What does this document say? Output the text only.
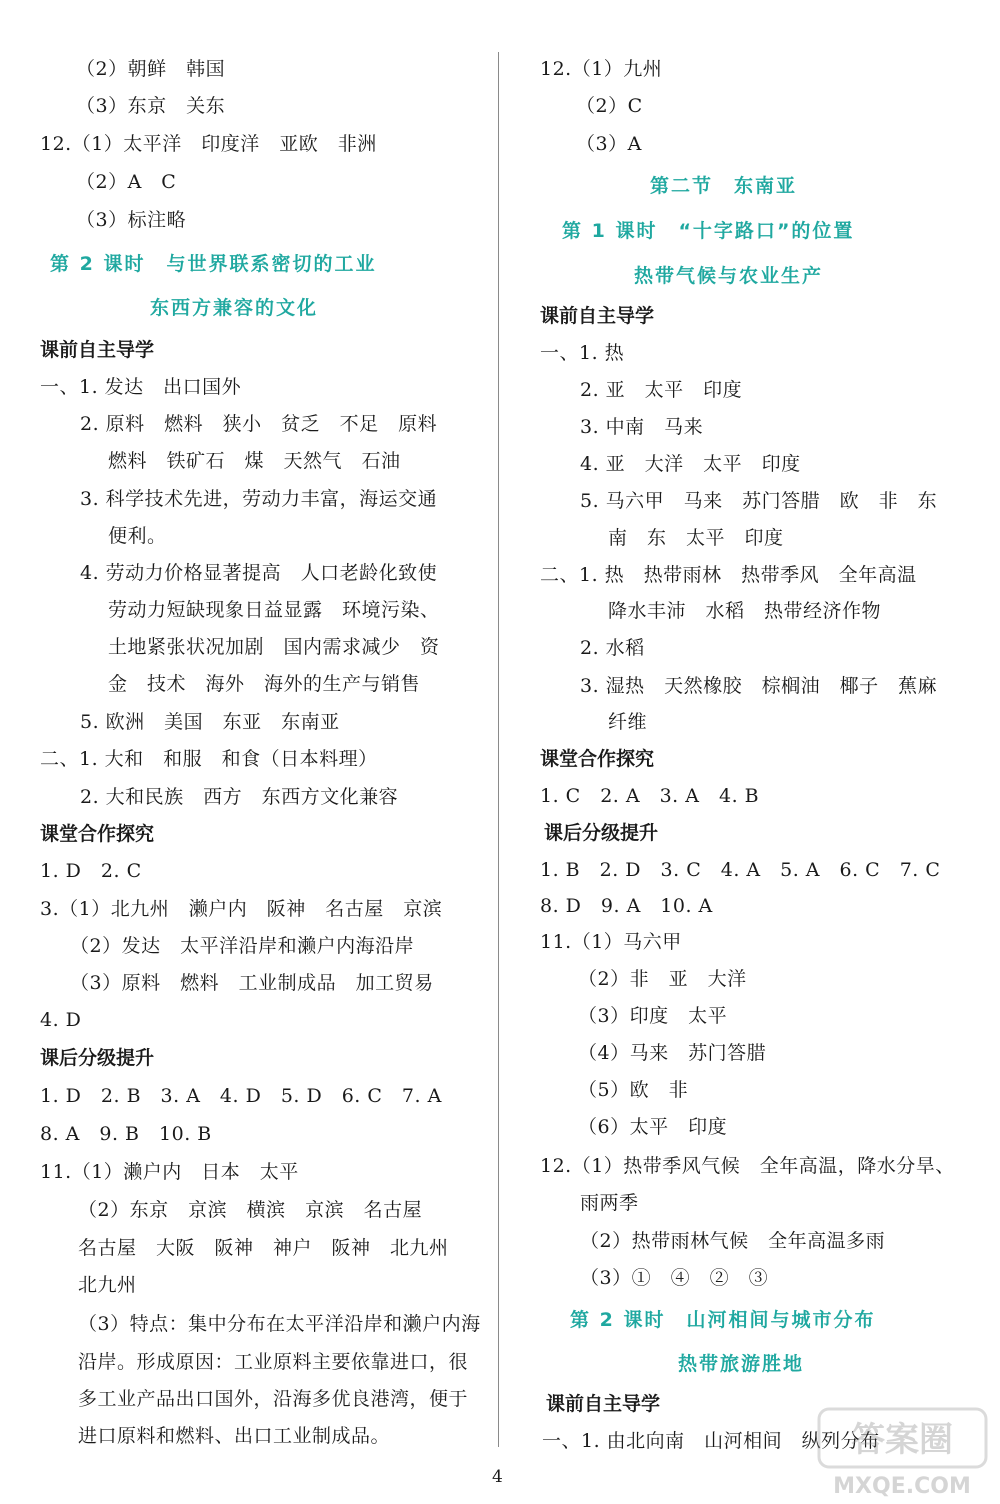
（2）朝鲜　韩国
（3）东京　关东
12.（1）太平洋　印度洋　亚欧　非洲
（2）A　C
（3）标注略
第 2 课时　与世界联系密切的工业
东西方兼容的文化
课前自主导学
一、1. 发达　出口国外
2. 原料　燃料　狭小　贫乏　不足　原料
燃料　铁矿石　煤　天然气　石油
3. 科学技术先进，劳动力丰富，海运交通
便利。
4. 劳动力价格显著提高　人口老龄化致使
劳动力短缺现象日益显露　环境污染、
土地紧张状况加剧　国内需求减少　资
金　技术　海外　海外的生产与销售
5. 欧洲　美国　东亚　东南亚
二、1. 大和　和服　和食（日本料理）
2. 大和民族　西方　东西方文化兼容
课堂合作探究
1. D　2. C
3.（1）北九州　濑户内　阪神　名古屋　京滨
（2）发达　太平洋沿岸和濑户内海沿岸
（3）原料　燃料　工业制成品　加工贸易
4. D
课后分级提升
1. D　2. B　3. A　4. D　5. D　6. C　7. A
8. A　9. B　10. B
11.（1）濑户内　日本　太平
（2）东京　京滨　横滨　京滨　名古屋
名古屋　大阪　阪神　神户　阪神　北九州
北九州
（3）特点：集中分布在太平洋沿岸和濑户内海
沿岸。形成原因：工业原料主要依靠进口，很
多工业产品出口国外，沿海多优良港湾，便于
进口原料和燃料、出口工业制成品。
12.（1）九州
（2）C
（3）A
第二节　东南亚
第 1 课时　“十字路口”的位置
热带气候与农业生产
课前自主导学
一、1. 热
2. 亚　太平　印度
3. 中南　马来
4. 亚　大洋　太平　印度
5. 马六甲　马来　苏门答腊　欧　非　东
南　东　太平　印度
二、1. 热　热带雨林　热带季风　全年高温
降水丰沛　水稻　热带经济作物
2. 水稻
3. 湿热　天然橡胶　棕榈油　椰子　蕉麻
纤维
课堂合作探究
1. C　2. A　3. A　4. B
课后分级提升
1. B　2. D　3. C　4. A　5. A　6. C　7. C
8. D　9. A　10. A
11.（1）马六甲
（2）非　亚　大洋
（3）印度　太平
（4）马来　苏门答腊
（5）欧　非
（6）太平　印度
12.（1）热带季风气候　全年高温，降水分旱、
雨两季
（2）热带雨林气候　全年高温多雨
（3）①　④　②　③
第 2 课时　山河相间与城市分布
热带旅游胜地
课前自主导学
一、1. 由北向南　山河相间　纵列分布
4
答案圈
MXQE.COM
